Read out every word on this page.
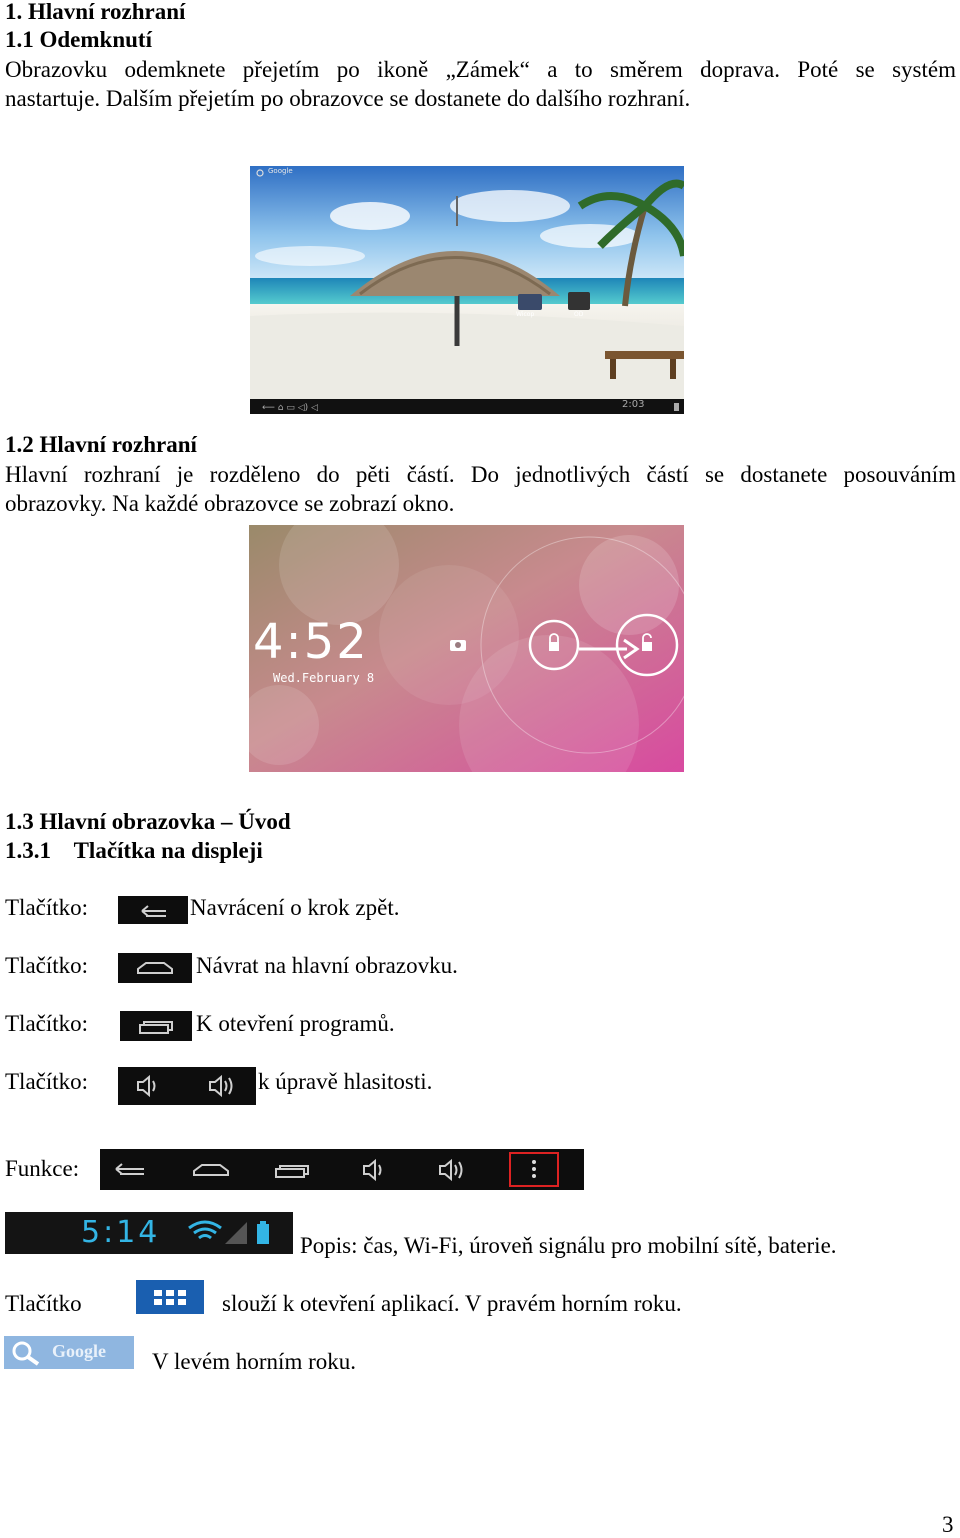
1. Hlavní rozhraní
1.1 Odemknutí
Obrazovku odemknete přejetím po ikoně „Zámek“ a to směrem doprava. Poté se systém
nastartuje. Dalším přejetím po obrazovce se dostanete do dalšího rozhraní.
⟵ ⌂ ▭ ◁) ◁
Google
Wicop	OD
2:03
1.2 Hlavní rozhraní
Hlavní rozhraní je rozděleno do pěti částí. Do jednotlivých částí se dostanete posouváním
obrazovky. Na každé obrazovce se zobrazí okno.
4:52
Wed.February 8
1.3 Hlavní obrazovka – Úvod
1.3.1    Tlačítka na displeji
Tlačítko:	Navrácení o krok zpět.
Tlačítko:	Návrat na hlavní obrazovku.
Tlačítko:	K otevření programů.
Tlačítko:	k úpravě hlasitosti.
Funkce:
5:14	Popis: čas, Wi-Fi, úroveň signálu pro mobilní sítě, baterie.
Tlačítko	slouží k otevření aplikací. V pravém horním roku.
Google V levém horním roku.
3
